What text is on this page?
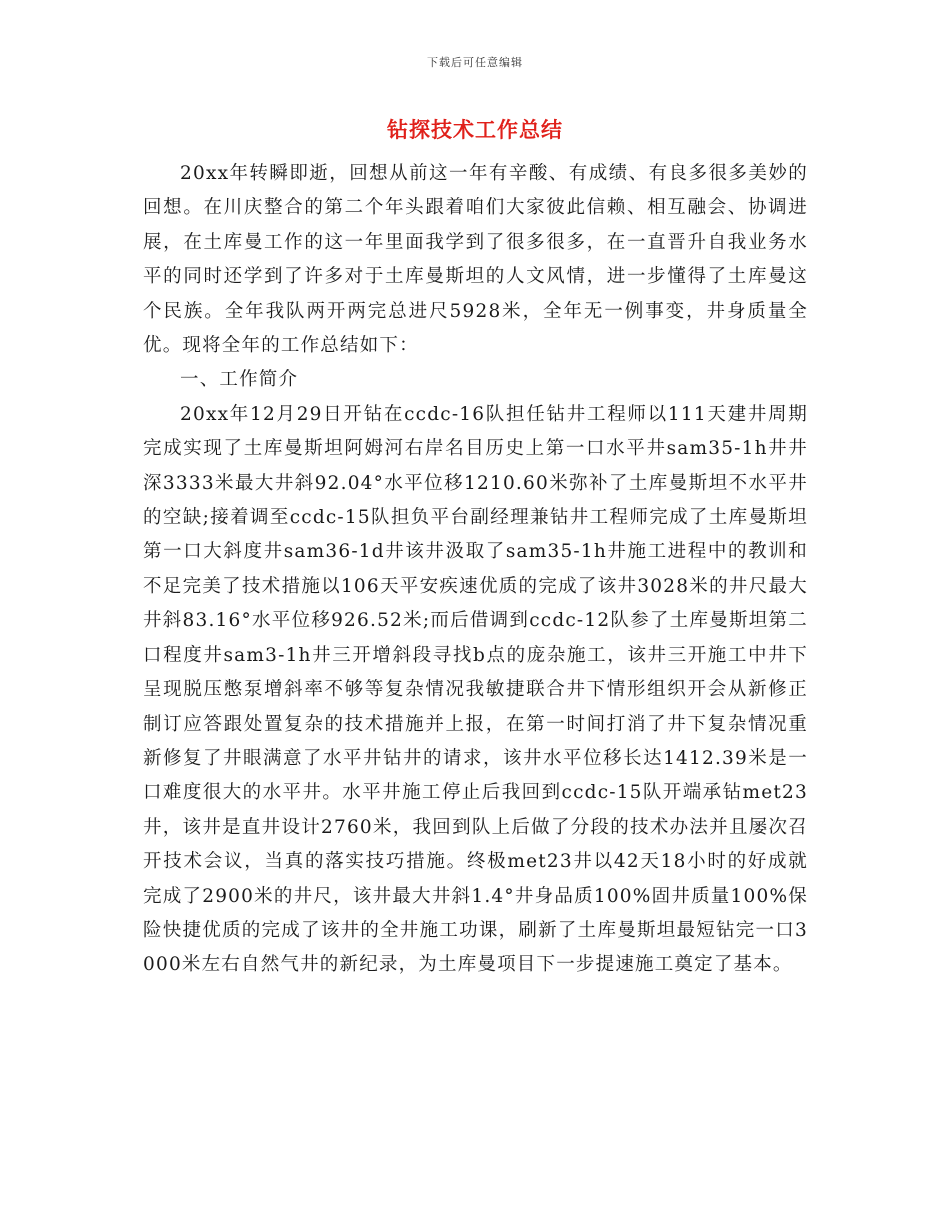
下载后可任意编辑
钻探技术工作总结

20xx年转瞬即逝，回想从前这一年有辛酸、有成绩、有良多很多美妙的回想。在川庆整合的第二个年头跟着咱们大家彼此信赖、相互融会、协调进展，在土库曼工作的这一年里面我学到了很多很多，在一直晋升自我业务水平的同时还学到了许多对于土库曼斯坦的人文风情，进一步懂得了土库曼这个民族。全年我队两开两完总进尺5928米，全年无一例事变，井身质量全优。现将全年的工作总结如下：

一、工作简介

20xx年12月29日开钻在ccdc-16队担任钻井工程师以111天建井周期完成实现了土库曼斯坦阿姆河右岸名目历史上第一口水平井sam35-1h井井深3333米最大井斜92.04°水平位移1210.60米弥补了土库曼斯坦不水平井的空缺;接着调至ccdc-15队担负平台副经理兼钻井工程师完成了土库曼斯坦第一口大斜度井sam36-1d井该井汲取了sam35-1h井施工进程中的教训和不足完美了技术措施以106天平安疾速优质的完成了该井3028米的井尺最大井斜83.16°水平位移926.52米;而后借调到ccdc-12队参了土库曼斯坦第二口程度井sam3-1h井三开增斜段寻找b点的庞杂施工，该井三开施工中井下呈现脱压憋泵增斜率不够等复杂情况我敏捷联合井下情形组织开会从新修正制订应答跟处置复杂的技术措施并上报，在第一时间打消了井下复杂情况重新修复了井眼满意了水平井钻井的请求，该井水平位移长达1412.39米是一口难度很大的水平井。水平井施工停止后我回到ccdc-15队开端承钻met23井，该井是直井设计2760米，我回到队上后做了分段的技术办法并且屡次召开技术会议，当真的落实技巧措施。终极met23井以42天18小时的好成就完成了2900米的井尺，该井最大井斜1.4°井身品质100%固井质量100%保险快捷优质的完成了该井的全井施工功课，刷新了土库曼斯坦最短钻完一口3000米左右自然气井的新纪录，为土库曼项目下一步提速施工奠定了基本。
